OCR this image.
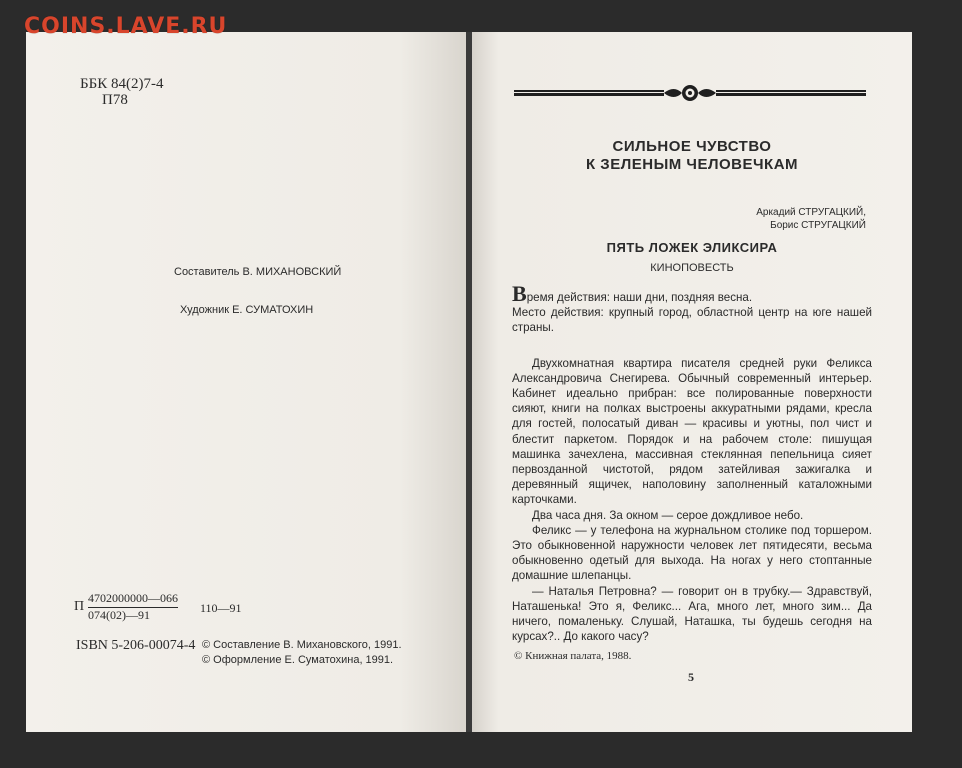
COINS.LAVE.RU
ББК 84(2)7-4
П78
Составитель В. МИХАНОВСКИЙ
Художник Е. СУМАТОХИН
П $\frac{4702000000—066}{074(02)—91}$ 110—91
ISBN 5-206-00074-4 © Составление В. Михановского, 1991.
© Оформление Е. Суматохина, 1991.
СИЛЬНОЕ ЧУВСТВО
К ЗЕЛЕНЫМ ЧЕЛОВЕЧКАМ
Аркадий СТРУГАЦКИЙ,
Борис СТРУГАЦКИЙ
ПЯТЬ ЛОЖЕК ЭЛИКСИРА
КИНОПОВЕСТЬ

Время действия: наши дни, поздняя весна.

Место действия: крупный город, областной центр на юге нашей страны.

Двухкомнатная квартира писателя средней руки Феликса Александровича Снегирева. Обычный современный интерьер. Кабинет идеально прибран: все полированные поверхности сияют, книги на полках выстроены аккуратными рядами, кресла для гостей, полосатый диван — красивы и уютны, пол чист и блестит паркетом. Порядок и на рабочем столе: пишущая машинка зачехлена, массивная стеклянная пепельница сияет первозданной чистотой, рядом затейливая зажигалка и деревянный ящичек, наполовину заполненный каталожными карточками.

Два часа дня. За окном — серое дождливое небо.

Феликс — у телефона на журнальном столике под торшером. Это обыкновенной наружности человек лет пятидесяти, весьма обыкновенно одетый для выхода. На ногах у него стоптанные домашние шлепанцы.

— Наталья Петровна? — говорит он в трубку.— Здравствуй, Наташенька! Это я, Феликс... Ага, много лет, много зим... Да ничего, помаленьку. Слушай, Наташка, ты будешь сегодня на курсах?.. До какого часу?

© Книжная палата, 1988.
5
